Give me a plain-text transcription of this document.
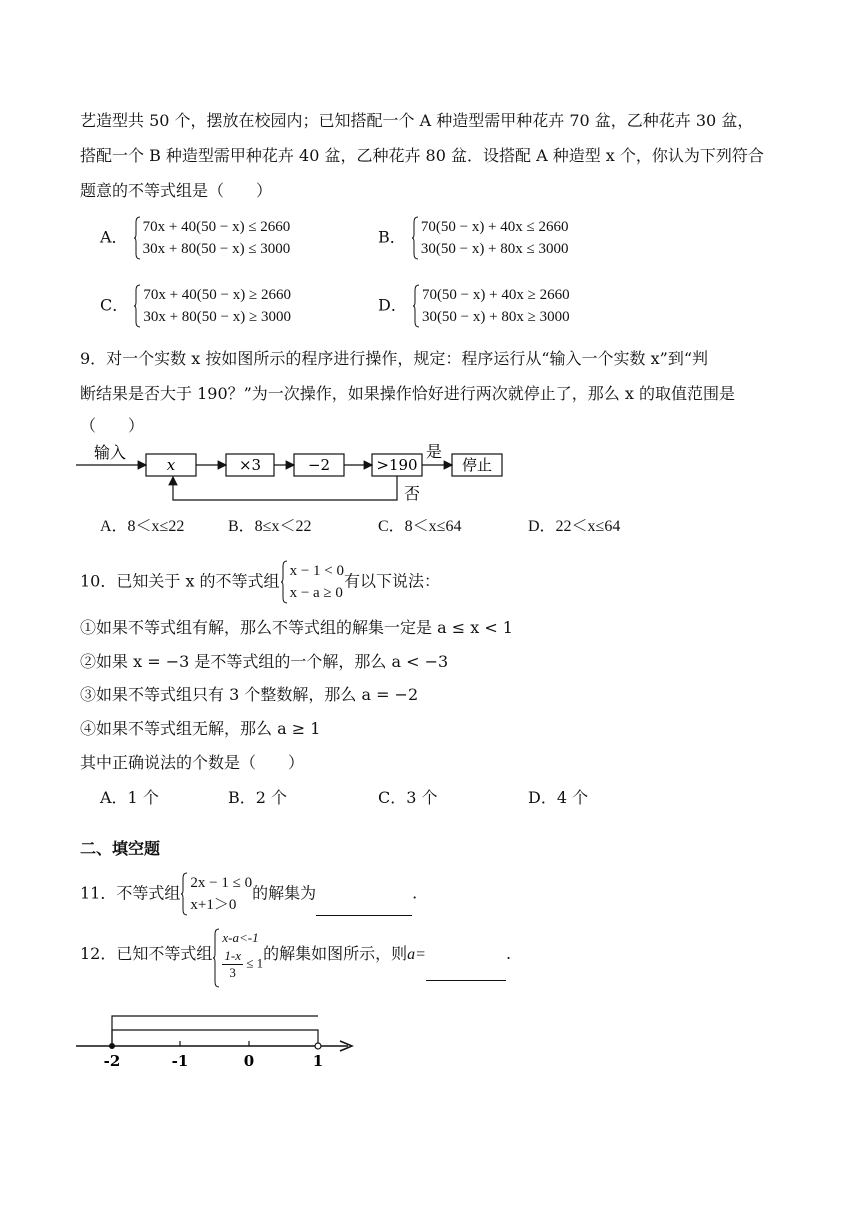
艺造型共 50 个，摆放在校园内；已知搭配一个 A 种造型需甲种花卉 70 盆，乙种花卉 30 盆，
搭配一个 B 种造型需甲种花卉 40 盆，乙种花卉 80 盆．设搭配 A 种造型 x 个，你认为下列符合
题意的不等式组是（　　）
A．
70x + 40(50 − x) ≤ 2660
30x + 80(50 − x) ≤ 3000
B．
70(50 − x) + 40x ≤ 2660
30(50 − x) + 80x ≤ 3000
C．
70x + 40(50 − x) ≥ 2660
30x + 80(50 − x) ≥ 3000
D．
70(50 − x) + 40x ≥ 2660
30(50 − x) + 80x ≥ 3000
9．对一个实数 x 按如图所示的程序进行操作，规定：程序运行从“输入一个实数 x”到“判
断结果是否大于 190？”为一次操作，如果操作恰好进行两次就停止了，那么 x 的取值范围是
（　　）
输入
x	×3	−2	>190
是
停止
否
A．8＜x≤22	B．8≤x＜22	C．8＜x≤64	D．22＜x≤64
10．已知关于 x 的不等式组
x − 1 < 0
x − a ≥ 0
有以下说法：
①如果不等式组有解，那么不等式组的解集一定是 a ≤ x < 1
②如果 x = −3 是不等式组的一个解，那么 a < −3
③如果不等式组只有 3 个整数解，那么 a = −2
④如果不等式组无解，那么 a ≥ 1
其中正确说法的个数是（　　）
A．1 个	B．2 个	C．3 个	D．4 个
二、填空题
11．不等式组
2x − 1 ≤ 0
x+1＞0
的解集为	.
12．已知不等式组
x-a<-1
$\frac{1-x}{3} \le 1$ 的解集如图所示，则a=	.
-2	-1	0	1
